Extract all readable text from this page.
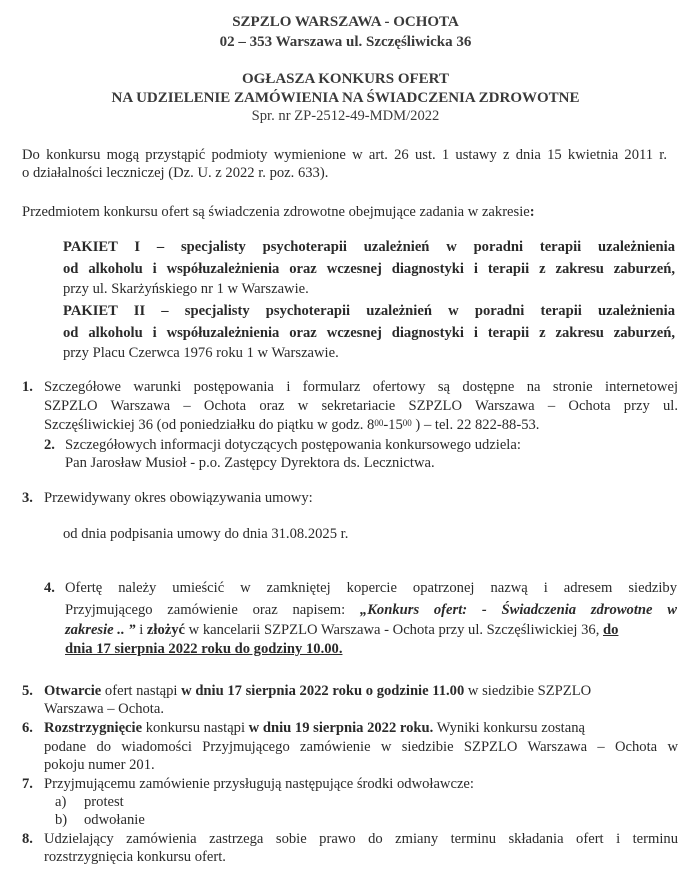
SZPZLO WARSZAWA - OCHOTA
02 – 353 Warszawa ul. Szczęśliwicka 36
OGŁASZA KONKURS OFERT
NA UDZIELENIE ZAMÓWIENIA NA ŚWIADCZENIA ZDROWOTNE
Spr. nr ZP-2512-49-MDM/2022
Do konkursu mogą przystąpić podmioty wymienione w art. 26 ust. 1 ustawy z dnia 15 kwietnia 2011 r.
o działalności leczniczej (Dz. U. z 2022 r. poz. 633).
Przedmiotem konkursu ofert są świadczenia zdrowotne obejmujące zadania w zakresie:
PAKIET I – specjalisty psychoterapii uzależnień w poradni terapii uzależnienia
od alkoholu i współuzależnienia oraz wczesnej diagnostyki i terapii z zakresu zaburzeń,
przy ul. Skarżyńskiego nr 1 w Warszawie.
PAKIET II – specjalisty psychoterapii uzależnień w poradni terapii uzależnienia
od alkoholu i współuzależnienia oraz wczesnej diagnostyki i terapii z zakresu zaburzeń,
przy Placu Czerwca 1976 roku 1 w Warszawie.
1. Szczegółowe warunki postępowania i formularz ofertowy są dostępne na stronie internetowej
SZPZLO Warszawa – Ochota oraz w sekretariacie SZPZLO Warszawa – Ochota przy ul.
Szczęśliwickiej 36 (od poniedziałku do piątku w godz. $8^{00}-15^{00}$ ) – tel. 22 822-88-53.
2. Szczegółowych informacji dotyczących postępowania konkursowego udziela:
Pan Jarosław Musioł - p.o. Zastępcy Dyrektora ds. Lecznictwa.
3. Przewidywany okres obowiązywania umowy:
od dnia podpisania umowy do dnia 31.08.2025 r.
4. Ofertę należy umieścić w zamkniętej kopercie opatrzonej nazwą i adresem siedziby
Przyjmującego zamówienie oraz napisem: „Konkurs ofert: - Świadczenia zdrowotne w
zakresie .. ” i złożyć w kancelarii SZPZLO Warszawa - Ochota przy ul. Szczęśliwickiej 36, do
dnia 17 sierpnia 2022 roku do godziny 10.00.
5. Otwarcie ofert nastąpi w dniu 17 sierpnia 2022 roku o godzinie 11.00 w siedzibie SZPZLO
Warszawa – Ochota.
6. Rozstrzygnięcie konkursu nastąpi w dniu 19 sierpnia 2022 roku. Wyniki konkursu zostaną
podane do wiadomości Przyjmującego zamówienie w siedzibie SZPZLO Warszawa – Ochota w
pokoju numer 201.
7. Przyjmującemu zamówienie przysługują następujące środki odwoławcze:
a) protest
b) odwołanie
8. Udzielający zamówienia zastrzega sobie prawo do zmiany terminu składania ofert i terminu
rozstrzygnięcia konkursu ofert.
